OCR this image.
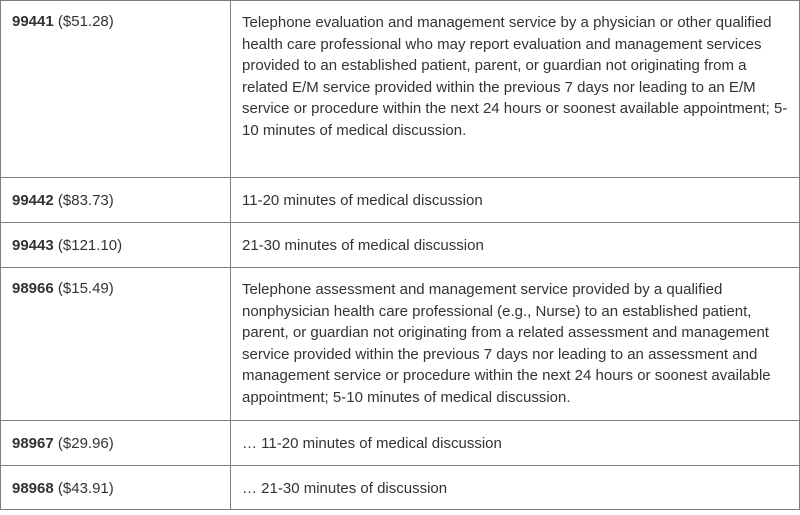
99441 ($51.28)	Telephone evaluation and management service by a physician or other qualified health care professional who may report evaluation and management services provided to an established patient, parent, or guardian not originating from a related E/M service provided within the previous 7 days nor leading to an E/M service or procedure within the next 24 hours or soonest available appointment; 5-10 minutes of medical discussion.

99442 ($83.73)	11-20 minutes of medical discussion

99443 ($121.10)	21-30 minutes of medical discussion

98966 ($15.49)	Telephone assessment and management service provided by a qualified nonphysician health care professional (e.g., Nurse) to an established patient, parent, or guardian not originating from a related assessment and management service provided within the previous 7 days nor leading to an assessment and management service or procedure within the next 24 hours or soonest available appointment; 5-10 minutes of medical discussion.

98967 ($29.96)	… 11-20 minutes of medical discussion

98968 ($43.91)	… 21-30 minutes of discussion
